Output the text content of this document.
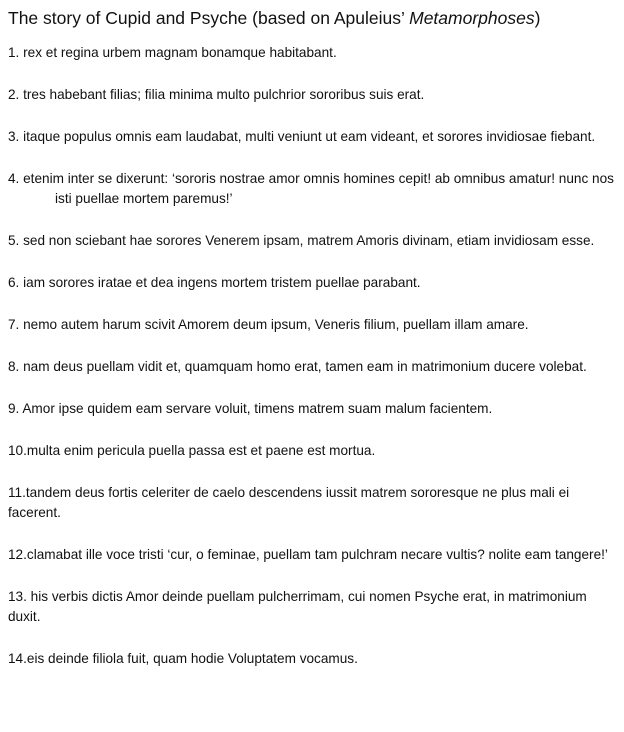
The story of Cupid and Psyche (based on Apuleius’ Metamorphoses)

1. rex et regina urbem magnam bonamque habitabant.

2. tres habebant filias; filia minima multo pulchrior sororibus suis erat.

3. itaque populus omnis eam laudabat, multi veniunt ut eam videant, et sorores invidiosae fiebant.

4. etenim inter se dixerunt: ‘sororis nostrae amor omnis homines cepit! ab omnibus amatur! nunc nos isti puellae mortem paremus!’

5. sed non sciebant hae sorores Venerem ipsam, matrem Amoris divinam, etiam invidiosam esse.

6. iam sorores iratae et dea ingens mortem tristem puellae parabant.

7. nemo autem harum scivit Amorem deum ipsum, Veneris filium, puellam illam amare.

8. nam deus puellam vidit et, quamquam homo erat, tamen eam in matrimonium ducere volebat.

9. Amor ipse quidem eam servare voluit, timens matrem suam malum facientem.

10.multa enim pericula puella passa est et paene est mortua.

11.tandem deus fortis celeriter de caelo descendens iussit matrem sororesque ne plus mali ei facerent.

12.clamabat ille voce tristi ‘cur, o feminae, puellam tam pulchram necare vultis? nolite eam tangere!’

13. his verbis dictis Amor deinde puellam pulcherrimam, cui nomen Psyche erat, in matrimonium duxit.

14.eis deinde filiola fuit, quam hodie Voluptatem vocamus.
